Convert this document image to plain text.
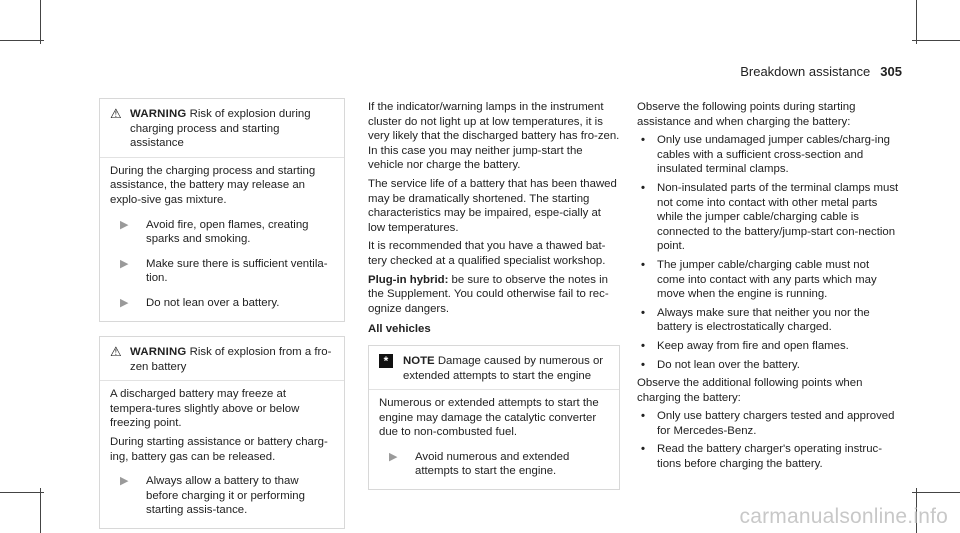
Breakdown assistance 305
⚠ WARNING Risk of explosion during charging process and starting assistance

During the charging process and starting assistance, the battery may release an explo-sive gas mixture.

▶	Avoid fire, open flames, creating sparks and smoking.
▶	Make sure there is sufficient ventila-tion.
▶	Do not lean over a battery.
⚠ WARNING Risk of explosion from a fro-zen battery

A discharged battery may freeze at tempera-tures slightly above or below freezing point.

During starting assistance or battery charg-ing, battery gas can be released.

▶	Always allow a battery to thaw before charging it or performing starting assis-tance.

If the indicator/warning lamps in the instrument cluster do not light up at low temperatures, it is very likely that the discharged battery has fro-zen. In this case you may neither jump-start the vehicle nor charge the battery.

The service life of a battery that has been thawed may be dramatically shortened. The starting characteristics may be impaired, espe-cially at low temperatures.

It is recommended that you have a thawed bat-tery checked at a qualified specialist workshop.

Plug-in hybrid: be sure to observe the notes in the Supplement. You could otherwise fail to rec-ognize dangers.

All vehicles

*	NOTE Damage caused by numerous or extended attempts to start the engine

Numerous or extended attempts to start the engine may damage the catalytic converter due to non-combusted fuel.

▶	Avoid numerous and extended attempts to start the engine.

Observe the following points during starting assistance and when charging the battery:

• Only use undamaged jumper cables/charg-ing cables with a sufficient cross-section and insulated terminal clamps.
• Non-insulated parts of the terminal clamps must not come into contact with other metal parts while the jumper cable/charging cable is connected to the battery/jump-start con-nection point.
• The jumper cable/charging cable must not come into contact with any parts which may move when the engine is running.
• Always make sure that neither you nor the battery is electrostatically charged.
• Keep away from fire and open flames.
• Do not lean over the battery.

Observe the additional following points when charging the battery:

• Only use battery chargers tested and approved for Mercedes-Benz.
• Read the battery charger's operating instruc-tions before charging the battery.
carmanualsonline.info
